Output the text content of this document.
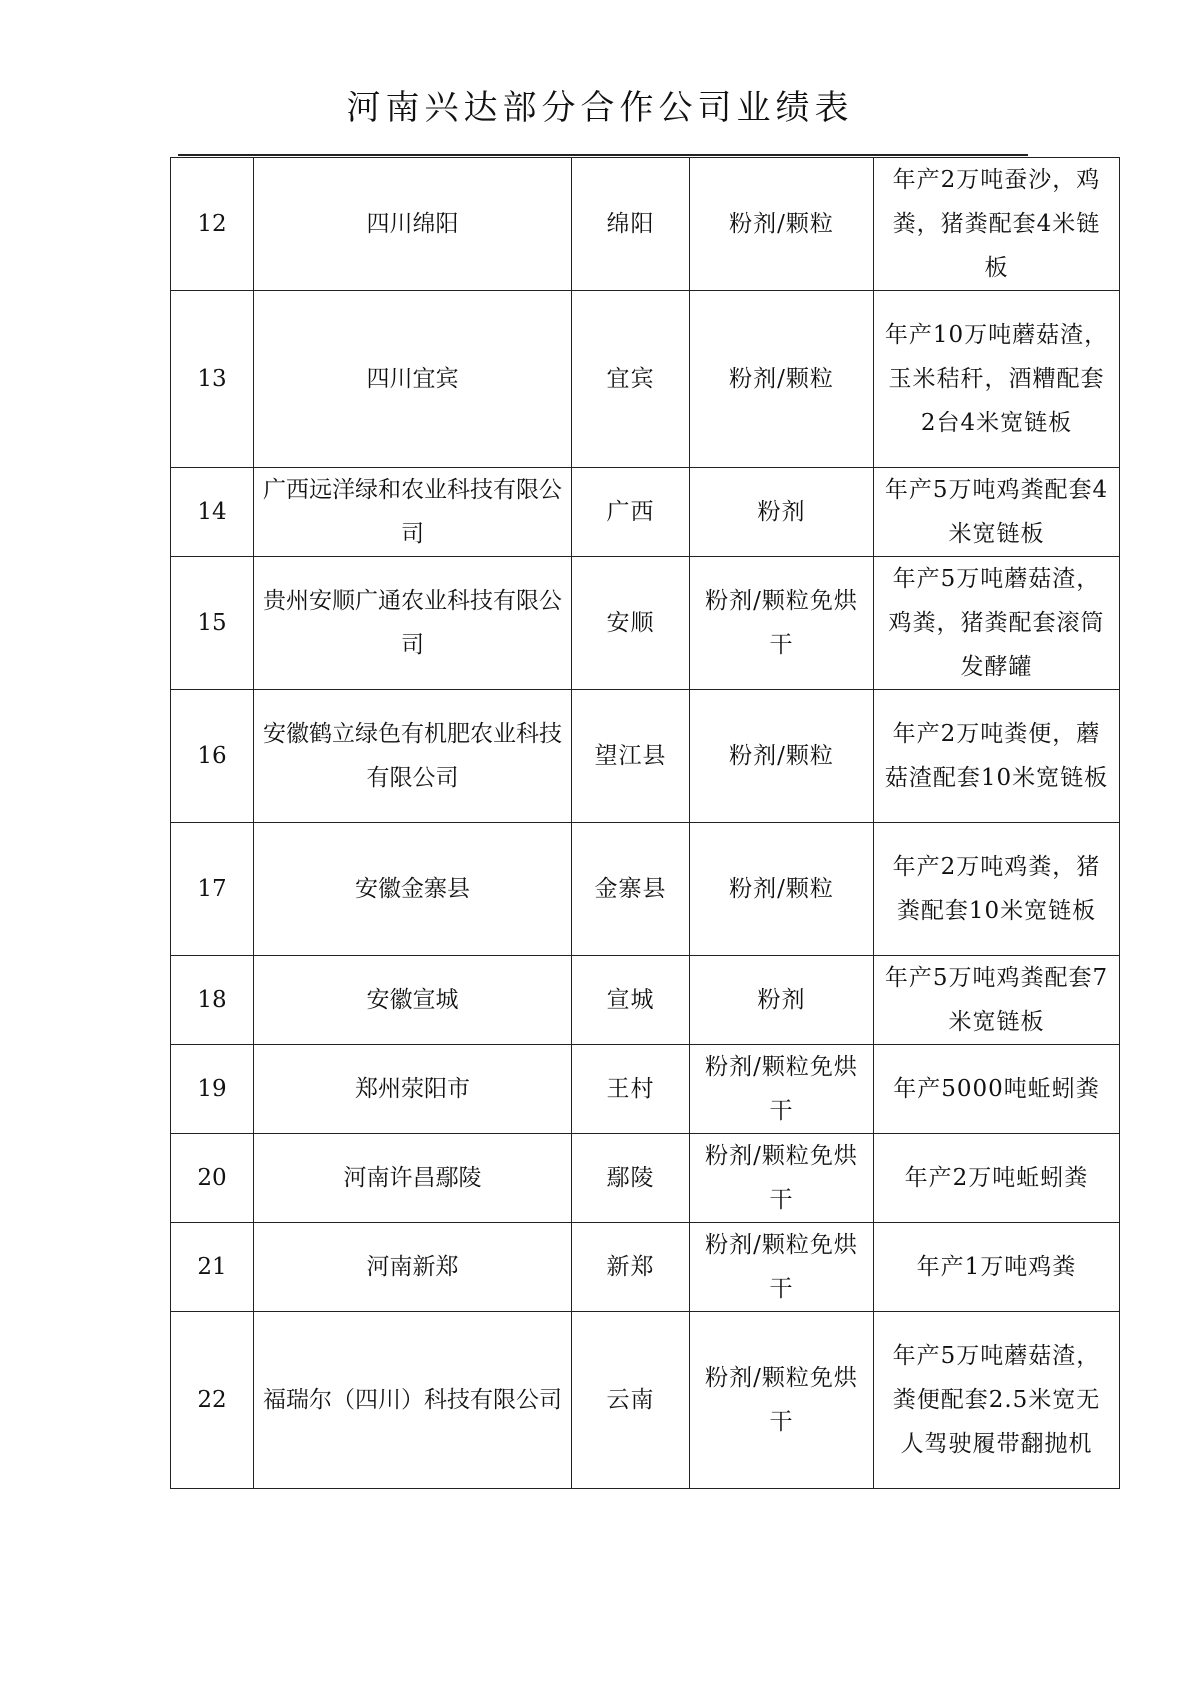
河南兴达部分合作公司业绩表
12	四川绵阳	绵阳	粉剂/颗粒	年产2万吨蚕沙，鸡粪，猪粪配套4米链板
13	四川宜宾	宜宾	粉剂/颗粒	年产10万吨蘑菇渣，玉米秸秆，酒糟配套2台4米宽链板
14	广西远洋绿和农业科技有限公司	广西	粉剂	年产5万吨鸡粪配套4米宽链板
15	贵州安顺广通农业科技有限公司	安顺	粉剂/颗粒免烘干	年产5万吨蘑菇渣，鸡粪，猪粪配套滚筒发酵罐
16	安徽鹤立绿色有机肥农业科技有限公司	望江县	粉剂/颗粒	年产2万吨粪便，蘑菇渣配套10米宽链板
17	安徽金寨县	金寨县	粉剂/颗粒	年产2万吨鸡粪，猪粪配套10米宽链板
18	安徽宣城	宣城	粉剂	年产5万吨鸡粪配套7米宽链板
19	郑州荥阳市	王村	粉剂/颗粒免烘干	年产5000吨蚯蚓粪
20	河南许昌鄢陵	鄢陵	粉剂/颗粒免烘干	年产2万吨蚯蚓粪
21	河南新郑	新郑	粉剂/颗粒免烘干	年产1万吨鸡粪
22	福瑞尔（四川）科技有限公司	云南	粉剂/颗粒免烘干	年产5万吨蘑菇渣，粪便配套2.5米宽无人驾驶履带翻抛机
